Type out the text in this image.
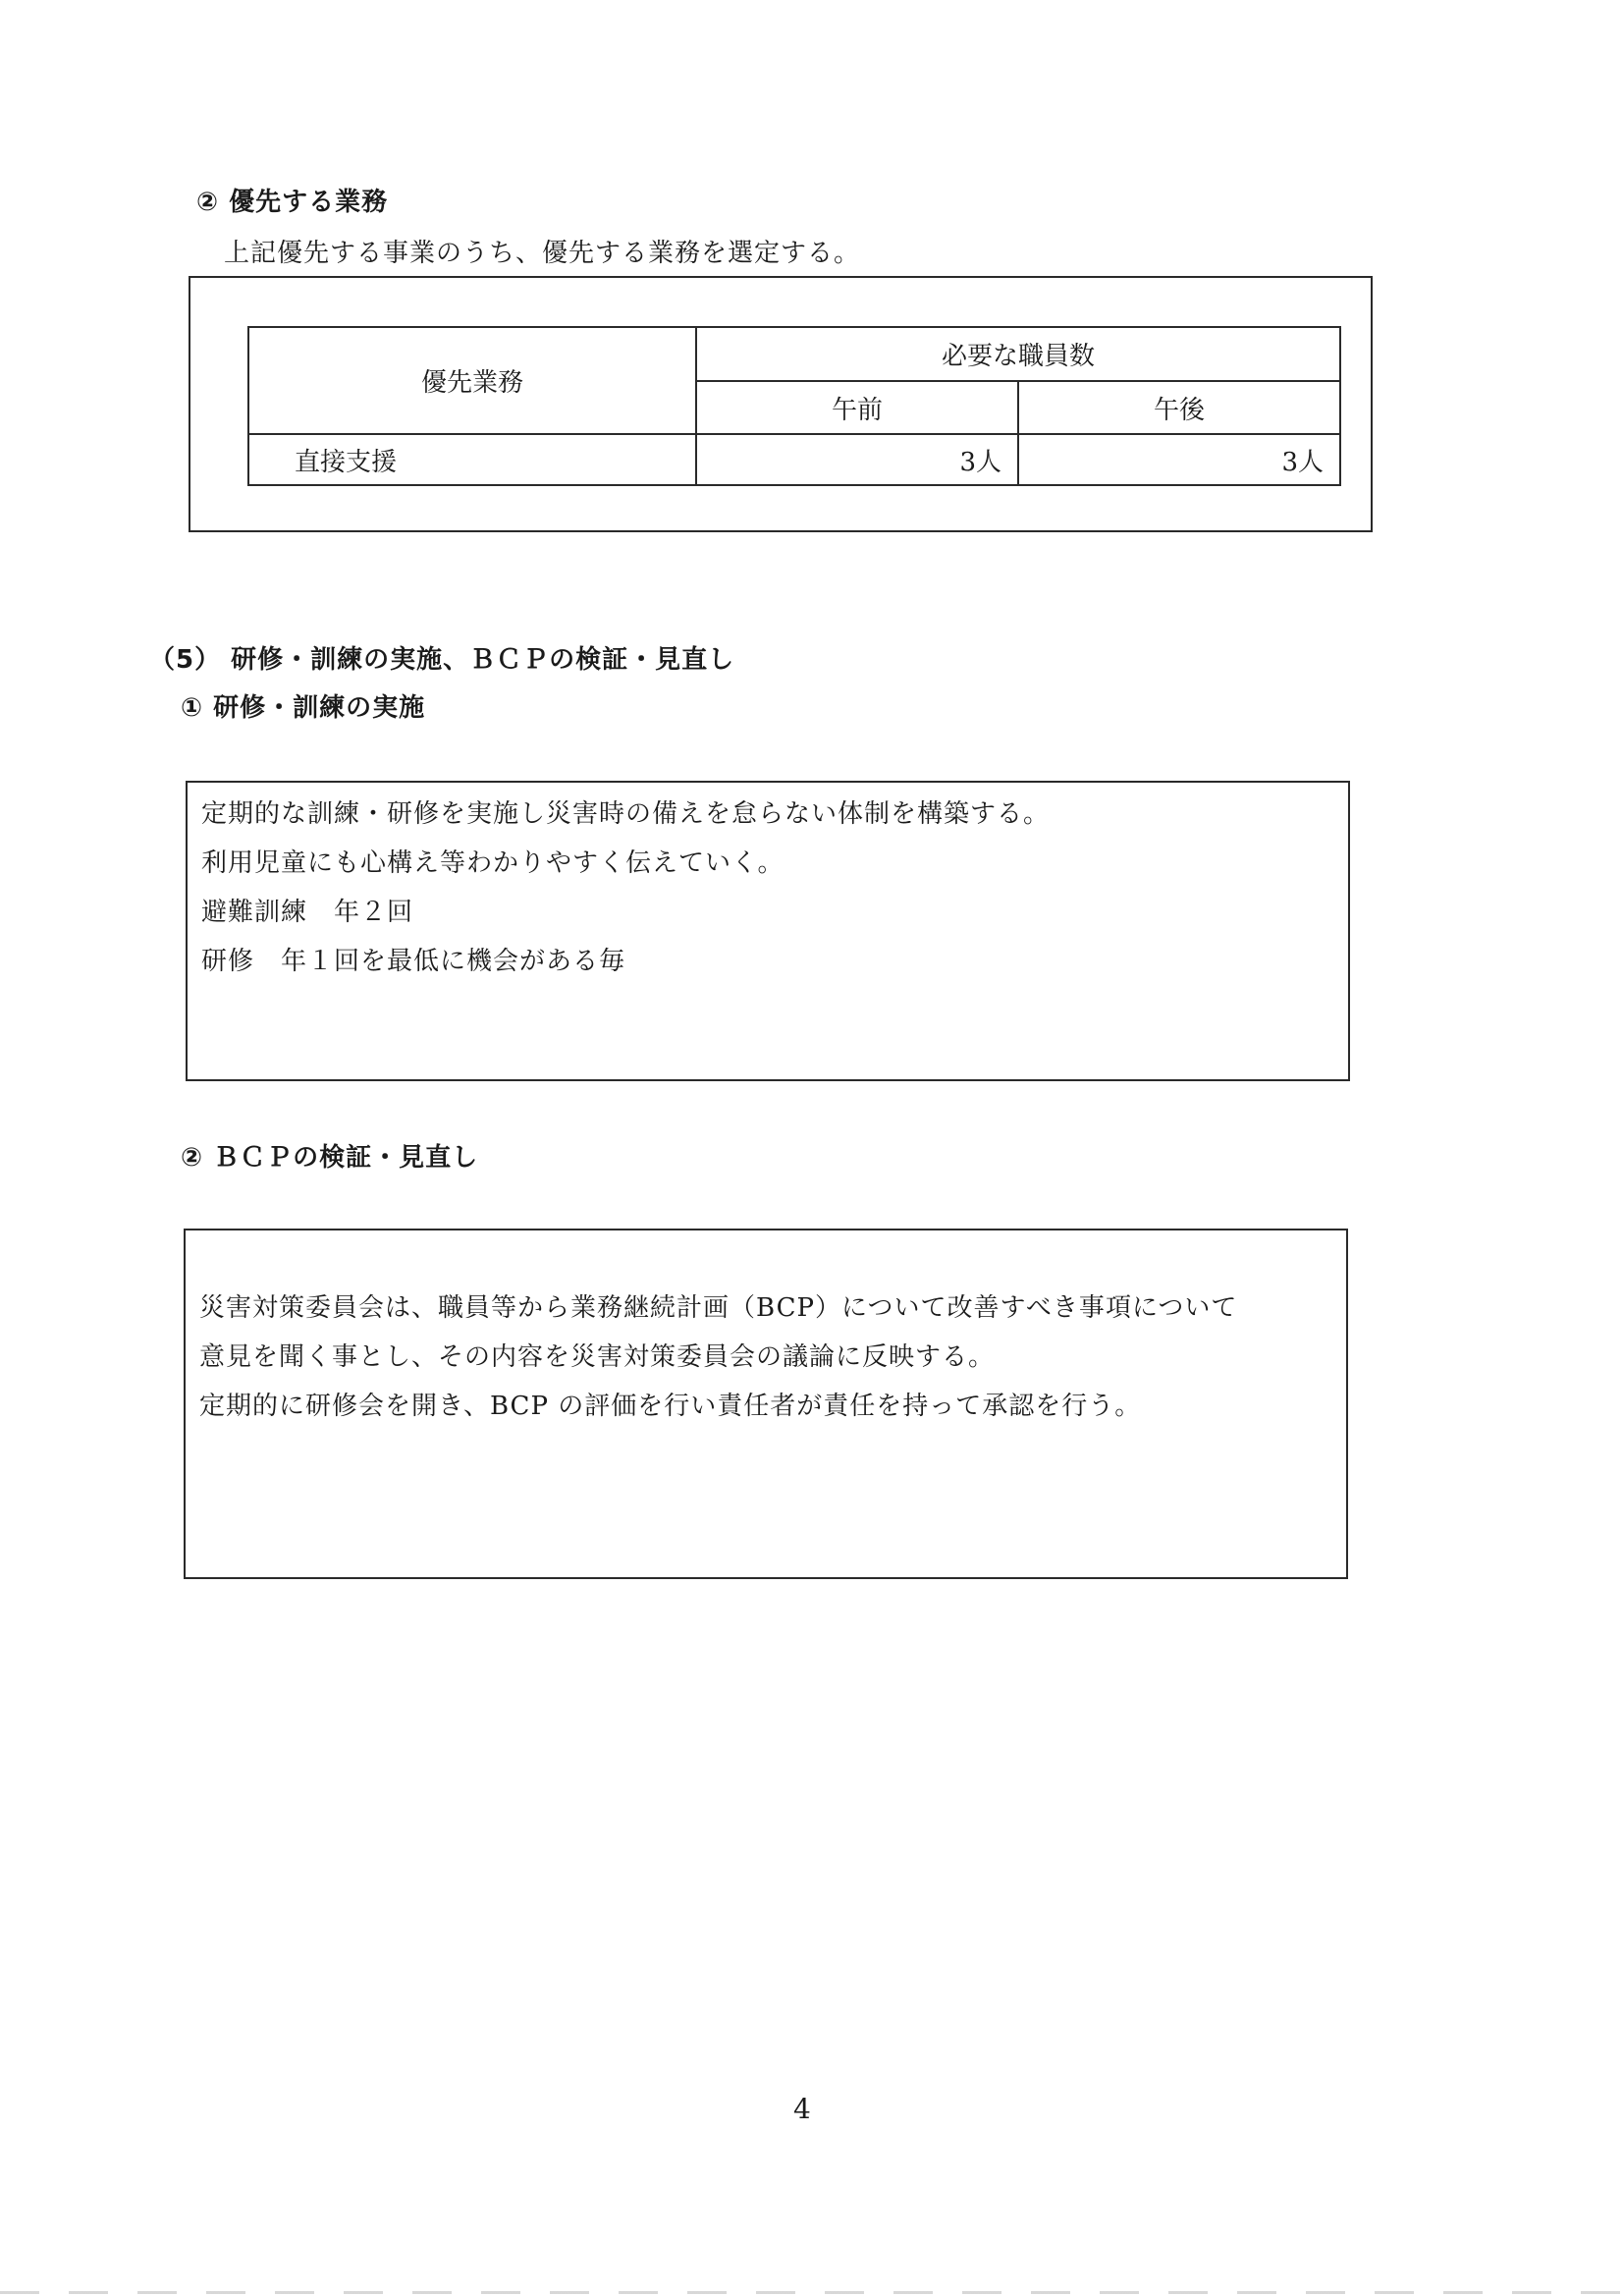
② 優先する業務
上記優先する事業のうち、優先する業務を選定する。
優先業務	必要な職員数	
	午前	午後
直接支援	3人	3人
（5） 研修・訓練の実施、ＢＣＰの検証・見直し
① 研修・訓練の実施
定期的な訓練・研修を実施し災害時の備えを怠らない体制を構築する。
利用児童にも心構え等わかりやすく伝えていく。
避難訓練　年２回
研修　年１回を最低に機会がある毎
② ＢＣＰの検証・見直し
災害対策委員会は、職員等から業務継続計画（BCP）について改善すべき事項について
意見を聞く事とし、その内容を災害対策委員会の議論に反映する。
定期的に研修会を開き、BCP の評価を行い責任者が責任を持って承認を行う。
4
